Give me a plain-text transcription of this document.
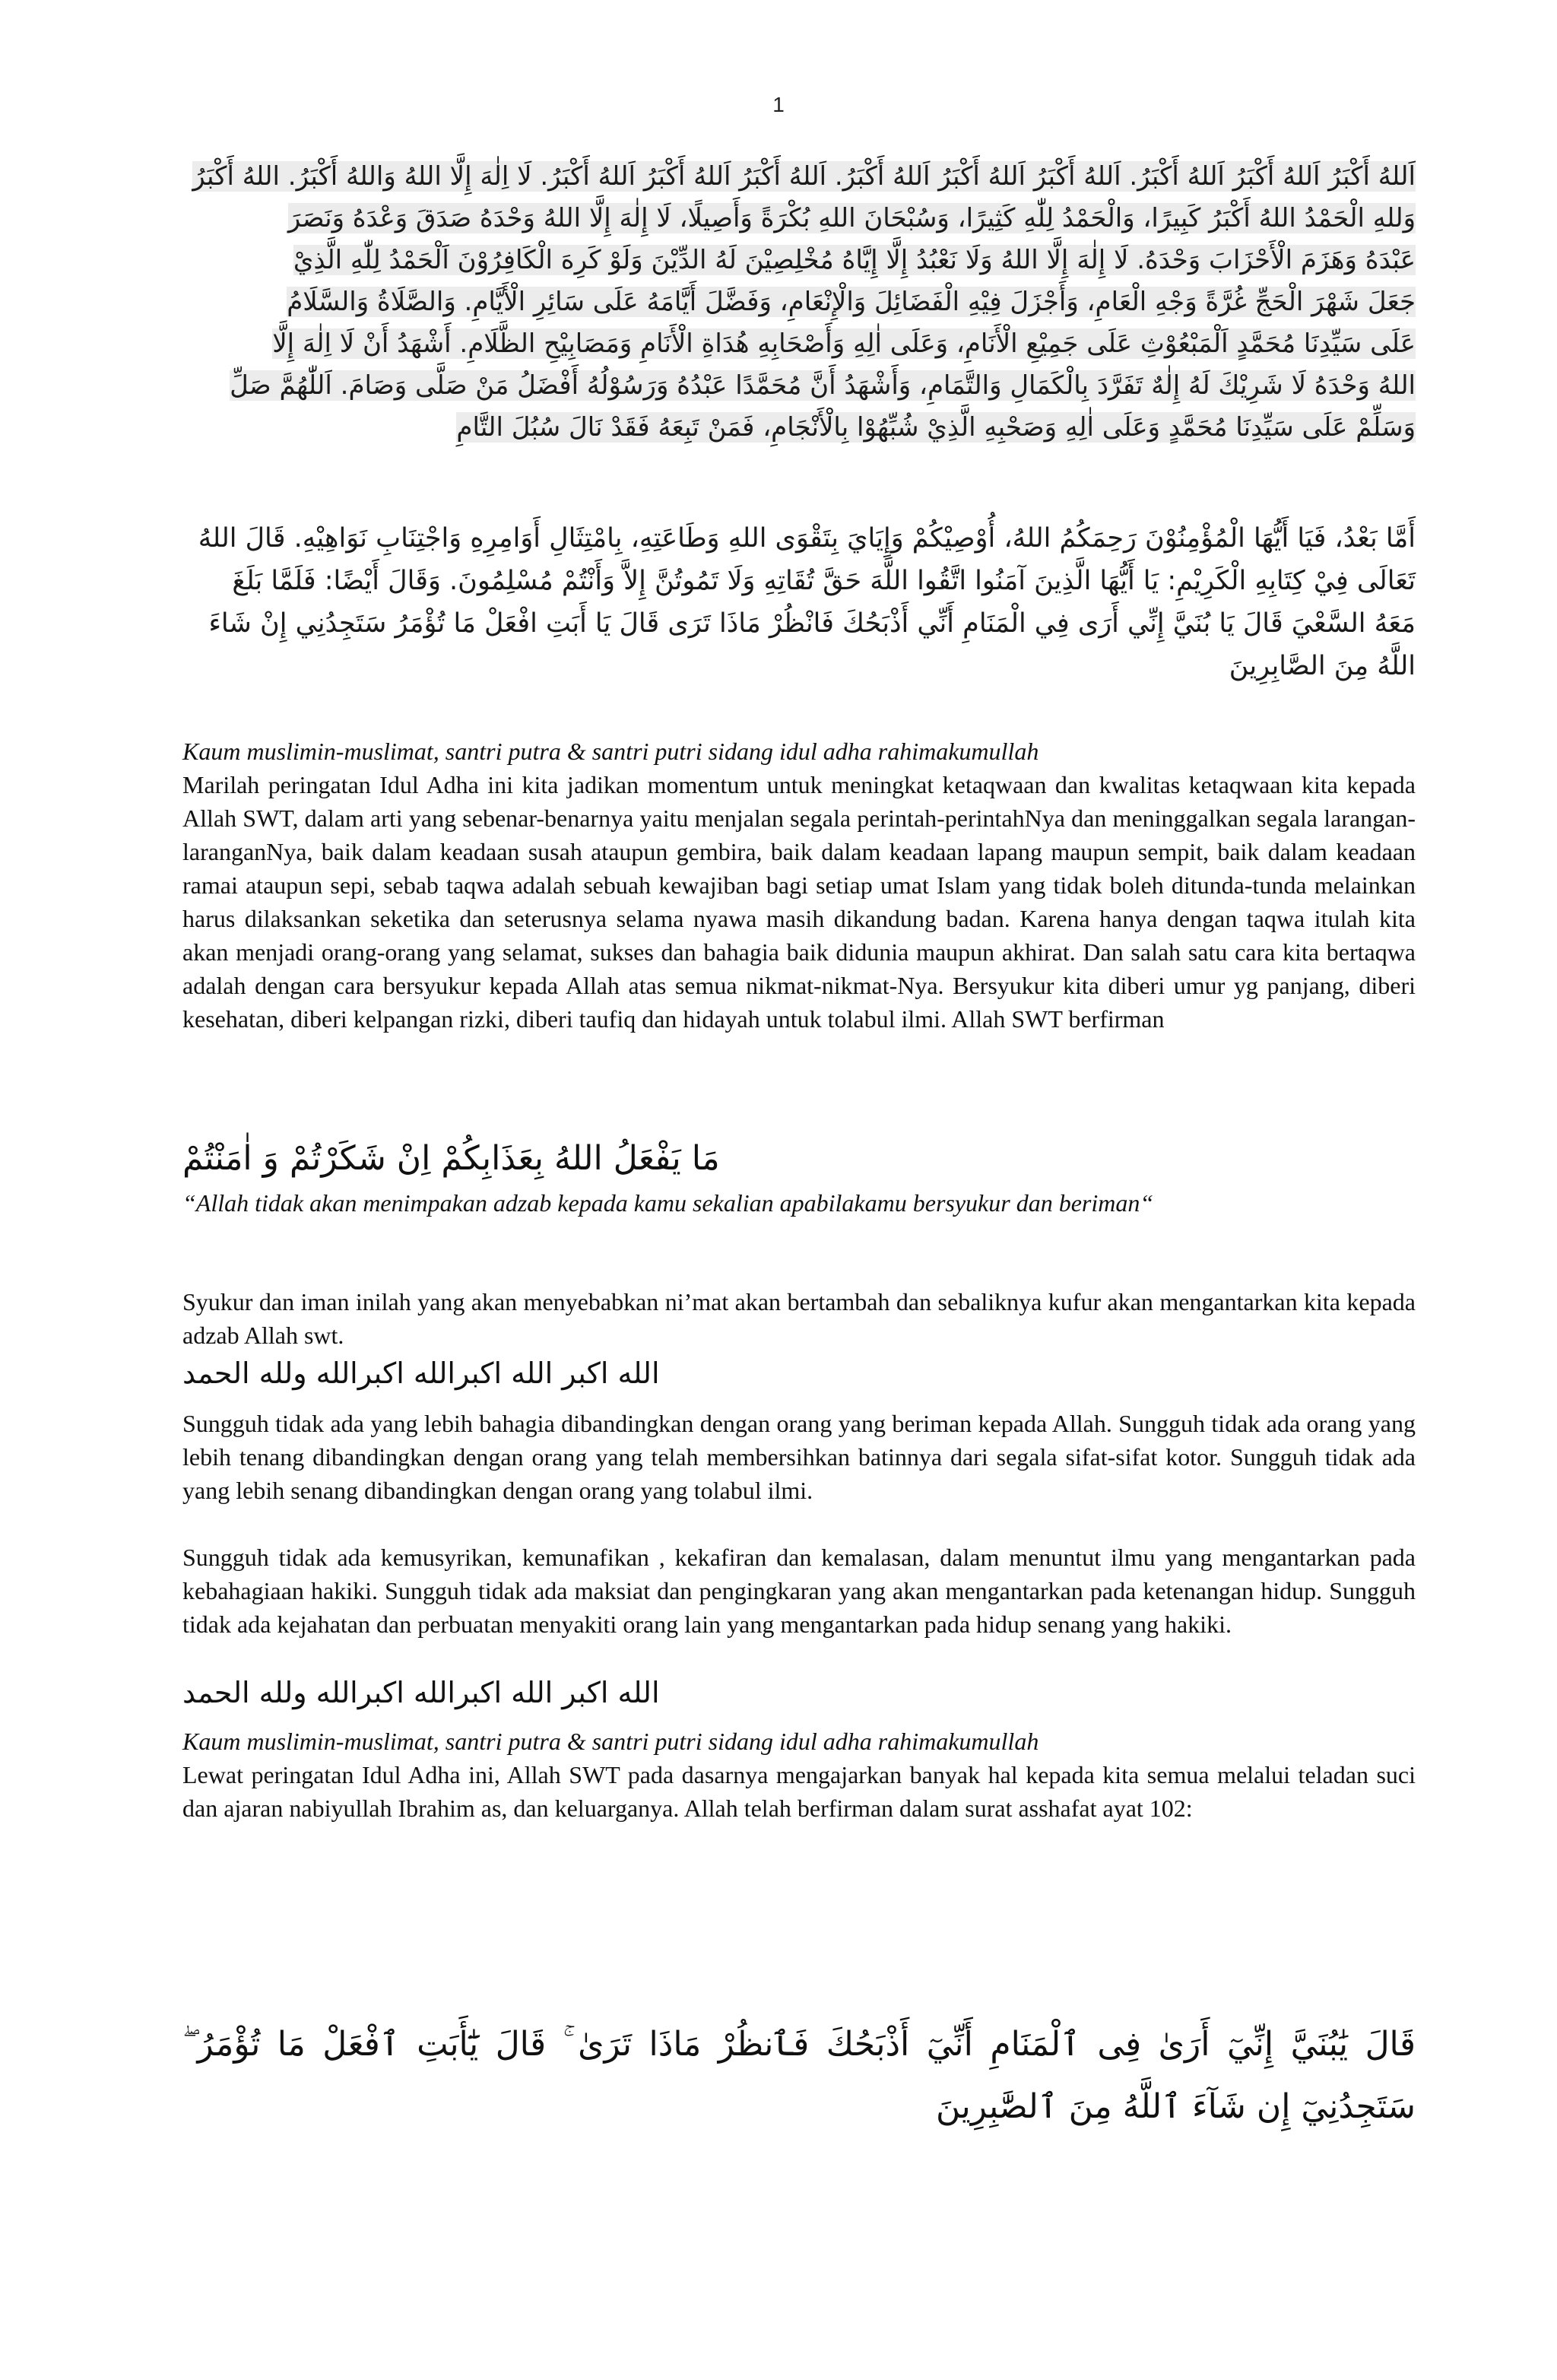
1

اَللهُ أَكْبَرُ اَللهُ أَكْبَرُ اَللهُ أَكْبَرُ. اَللهُ أَكْبَرُ اَللهُ أَكْبَرُ اَللهُ أَكْبَرُ. اَللهُ أَكْبَرُ اَللهُ أَكْبَرُ اَللهُ أَكْبَرُ. لَا اِلٰهَ إِلَّا اللهُ وَاللهُ أَكْبَرُ. اللهُ أَكْبَرُ

وَللهِ الْحَمْدُ اللهُ أَكْبَرُ كَبِيرًا، وَالْحَمْدُ لِلّٰهِ كَثِيرًا، وَسُبْحَانَ اللهِ بُكْرَةً وَأَصِيلًا، لَا إِلٰهَ إِلَّا اللهُ وَحْدَهُ صَدَقَ وَعْدَهُ وَنَصَرَ

عَبْدَهُ وَهَزَمَ الْأَحْزَابَ وَحْدَهُ. لَا إِلٰهَ إِلَّا اللهُ وَلَا نَعْبُدُ إِلَّا إِيَّاهُ مُخْلِصِيْنَ لَهُ الدِّيْنَ وَلَوْ كَرِهَ الْكَافِرُوْنَ اَلْحَمْدُ لِلّٰهِ الَّذِيْ

جَعَلَ شَهْرَ الْحَجِّ غُرَّةً وَجْهِ الْعَامِ، وَأَجْزَلَ فِيْهِ الْفَضَائِلَ وَالْإِنْعَامِ، وَفَضَّلَ أَيَّامَهُ عَلَى سَائِرِ الْأَيَّامِ. وَالصَّلَاةُ وَالسَّلَامُ

عَلَى سَيِّدِنَا مُحَمَّدٍ اَلْمَبْعُوْثِ عَلَى جَمِيْعِ الْأَنَامِ، وَعَلَى اٰلِهِ وَأَصْحَابِهِ هُدَاةِ الْأَنَامِ وَمَصَابِيْحِ الظَّلَامِ. أَشْهَدُ أَنْ لَا اِلٰهَ إِلَّا

اللهُ وَحْدَهُ لَا شَرِيْكَ لَهُ إِلٰهٌ تَفَرَّدَ بِالْكَمَالِ وَالتَّمَامِ، وَأَشْهَدُ أَنَّ مُحَمَّدًا عَبْدُهُ وَرَسُوْلُهُ أَفْضَلُ مَنْ صَلَّى وَصَامَ. اَللّٰهُمَّ صَلِّ

وَسَلِّمْ عَلَى سَيِّدِنَا مُحَمَّدٍ وَعَلَى اٰلِهِ وَصَحْبِهِ الَّذِيْ شُبِّهُوْا بِالْأَنْجَامِ، فَمَنْ تَبِعَهُ فَقَدْ نَالَ سُبُلَ التَّامِ

أَمَّا بَعْدُ، فَيَا أَيُّهَا الْمُؤْمِنُوْنَ رَحِمَكُمُ اللهُ، أُوْصِيْكُمْ وَإِيَايَ بِتَقْوَى اللهِ وَطَاعَتِهِ، بِامْتِثَالِ أَوَامِرِهِ وَاجْتِنَابِ نَوَاهِيْهِ. قَالَ اللهُ

تَعَالَى فِيْ كِتَابِهِ الْكَرِيْمِ: يَا أَيُّهَا الَّذِينَ آمَنُوا اتَّقُوا اللَّهَ حَقَّ تُقَاتِهِ وَلَا تَمُوتُنَّ إِلاَّ وَأَنْتُمْ مُسْلِمُونَ. وَقَالَ أَيْضًا: فَلَمَّا بَلَغَ

مَعَهُ السَّعْيَ قَالَ يَا بُنَيَّ إِنِّي أَرَى فِي الْمَنَامِ أَنِّي أَذْبَحُكَ فَانْظُرْ مَاذَا تَرَى قَالَ يَا أَبَتِ افْعَلْ مَا تُؤْمَرُ سَتَجِدُنِي إِنْ شَاءَ

اللَّهُ مِنَ الصَّابِرِينَ

Kaum muslimin-muslimat, santri putra & santri putri sidang idul adha rahimakumullah

Marilah peringatan Idul Adha ini kita jadikan momentum untuk meningkat ketaqwaan dan kwalitas ketaqwaan kita kepada Allah SWT, dalam arti yang sebenar-benarnya yaitu menjalan segala perintah-perintahNya dan meninggalkan segala larangan-laranganNya, baik dalam keadaan susah ataupun gembira, baik dalam keadaan lapang maupun sempit, baik dalam keadaan ramai ataupun sepi, sebab taqwa adalah sebuah kewajiban bagi setiap umat Islam yang tidak boleh ditunda-tunda melainkan harus dilaksankan seketika dan seterusnya selama nyawa masih dikandung badan. Karena hanya dengan taqwa itulah kita akan menjadi orang-orang yang selamat, sukses dan bahagia baik didunia maupun akhirat. Dan salah satu cara kita bertaqwa adalah dengan cara bersyukur kepada Allah atas semua nikmat-nikmat-Nya. Bersyukur kita diberi umur yg panjang, diberi kesehatan, diberi kelpangan rizki, diberi taufiq dan hidayah untuk tolabul ilmi. Allah SWT berfirman

مَا يَفْعَلُ اللهُ بِعَذَابِكُمْ اِنْ شَكَرْتُمْ وَ اٰمَنْتُمْ

“Allah tidak akan menimpakan adzab kepada kamu sekalian apabilakamu bersyukur dan beriman“

Syukur dan iman inilah yang akan menyebabkan ni’mat akan bertambah dan sebaliknya kufur akan mengantarkan kita kepada adzab Allah swt.

الله اكبر الله اكبرالله اكبرالله ولله الحمد

Sungguh tidak ada yang lebih bahagia dibandingkan dengan orang yang beriman kepada Allah. Sungguh tidak ada orang yang lebih tenang dibandingkan dengan orang yang telah membersihkan batinnya dari segala sifat-sifat kotor. Sungguh tidak ada yang lebih senang dibandingkan dengan orang yang tolabul ilmi.

Sungguh tidak ada kemusyrikan, kemunafikan , kekafiran dan kemalasan, dalam menuntut ilmu yang mengantarkan pada kebahagiaan hakiki. Sungguh tidak ada maksiat dan pengingkaran yang akan mengantarkan pada ketenangan hidup. Sungguh tidak ada kejahatan dan perbuatan menyakiti orang lain yang mengantarkan pada hidup senang yang hakiki.

الله اكبر الله اكبرالله اكبرالله ولله الحمد

Kaum muslimin-muslimat, santri putra & santri putri sidang idul adha rahimakumullah

Lewat peringatan Idul Adha ini, Allah SWT pada dasarnya mengajarkan banyak hal kepada kita semua melalui teladan suci dan ajaran nabiyullah Ibrahim as, dan keluarganya. Allah telah berfirman dalam surat asshafat ayat 102:

قَالَ يَٰبُنَيَّ إِنِّيٓ أَرَىٰ فِى ٱلْمَنَامِ أَنِّيٓ أَذْبَحُكَ فَٱنظُرْ مَاذَا تَرَىٰ ۚ قَالَ يَٰٓأَبَتِ ٱفْعَلْ مَا تُؤْمَرُ ۖ سَتَجِدُنِيٓ إِن شَآءَ ٱللَّهُ مِنَ ٱلصَّٰبِرِينَ
